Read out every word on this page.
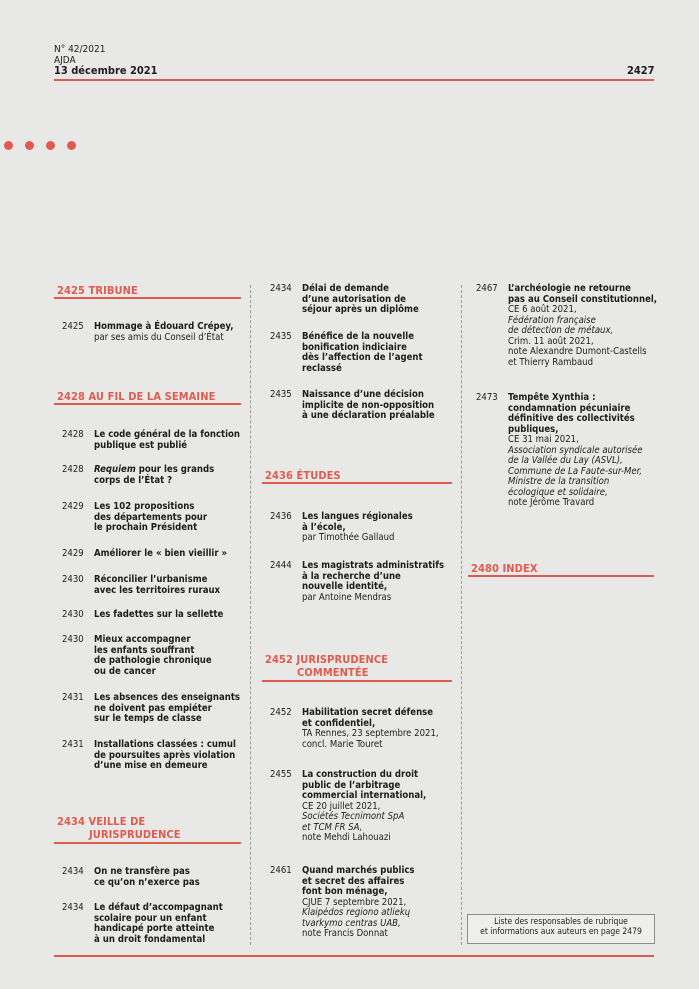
N° 42/2021
AJDA
13 décembre 2021	2427
2425 TRIBUNE
2425 Hommage à Édouard Crépey,
par ses amis du Conseil d’État
2428 AU FIL DE LA SEMAINE
2428 Le code général de la fonction
publique est publié
2428 Requiem pour les grands
corps de l’État ?
2429 Les 102 propositions
des départements pour
le prochain Président
2429 Améliorer le « bien vieillir »
2430 Réconcilier l’urbanisme
avec les territoires ruraux
2430 Les fadettes sur la sellette
2430 Mieux accompagner
les enfants souffrant
de pathologie chronique
ou de cancer
2431 Les absences des enseignants
ne doivent pas empiéter
sur le temps de classe
2431 Installations classées : cumul
de poursuites après violation
d’une mise en demeure
2434 VEILLE DE
JURISPRUDENCE
2434 On ne transfère pas
ce qu’on n’exerce pas
2434 Le défaut d’accompagnant
scolaire pour un enfant
handicapé porte atteinte
à un droit fondamental
2434 Délai de demande
d’une autorisation de
séjour après un diplôme
2435 Bénéfice de la nouvelle
bonification indiciaire
dès l’affection de l’agent
reclassé
2435 Naissance d’une décision
implicite de non-opposition
à une déclaration préalable
2436 ÉTUDES
2436 Les langues régionales
à l’école,
par Timothée Gallaud
2444 Les magistrats administratifs
à la recherche d’une
nouvelle identité,
par Antoine Mendras
2452 JURISPRUDENCE
COMMENTÉE
2452 Habilitation secret défense
et confidentiel,
TA Rennes, 23 septembre 2021,
concl. Marie Touret
2455 La construction du droit
public de l’arbitrage
commercial international,
CE 20 juillet 2021,
Sociétés Tecnimont SpA
et TCM FR SA,
note Mehdi Lahouazi
2461 Quand marchés publics
et secret des affaires
font bon ménage,
CJUE 7 septembre 2021,
Klaipėdos regiono atliekų
tvarkymo centras UAB,
note Francis Donnat
2467 L’archéologie ne retourne
pas au Conseil constitutionnel,
CE 6 août 2021,
Fédération française
de détection de métaux,
Crim. 11 août 2021,
note Alexandre Dumont-Castells
et Thierry Rambaud
2473 Tempête Xynthia :
condamnation pécuniaire
définitive des collectivités
publiques,
CE 31 mai 2021,
Association syndicale autorisée
de la Vallée du Lay (ASVL),
Commune de La Faute-sur-Mer,
Ministre de la transition
écologique et solidaire,
note Jérôme Travard
2480 INDEX
Liste des responsables de rubrique
et informations aux auteurs en page 2479
